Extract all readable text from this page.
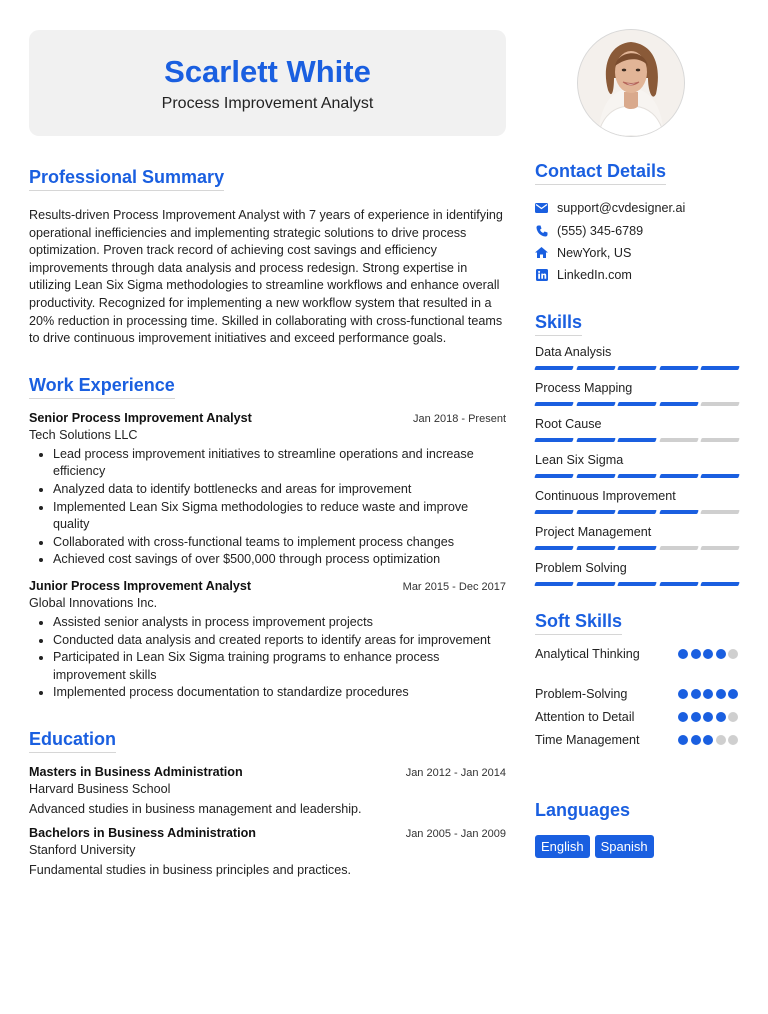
Scarlett White
Process Improvement Analyst
Professional Summary
Results-driven Process Improvement Analyst with 7 years of experience in identifying operational inefficiencies and implementing strategic solutions to drive process optimization. Proven track record of achieving cost savings and efficiency improvements through data analysis and process redesign. Strong expertise in utilizing Lean Six Sigma methodologies to streamline workflows and enhance overall productivity. Recognized for implementing a new workflow system that resulted in a 20% reduction in processing time. Skilled in collaborating with cross-functional teams to drive continuous improvement initiatives and exceed performance goals.
Work Experience
Senior Process Improvement Analyst	Jan 2018 - Present
Tech Solutions LLC
• Lead process improvement initiatives to streamline operations and increase efficiency
• Analyzed data to identify bottlenecks and areas for improvement
• Implemented Lean Six Sigma methodologies to reduce waste and improve quality
• Collaborated with cross-functional teams to implement process changes
• Achieved cost savings of over $500,000 through process optimization
Junior Process Improvement Analyst	Mar 2015 - Dec 2017
Global Innovations Inc.
• Assisted senior analysts in process improvement projects
• Conducted data analysis and created reports to identify areas for improvement
• Participated in Lean Six Sigma training programs to enhance process improvement skills
• Implemented process documentation to standardize procedures
Education
Masters in Business Administration	Jan 2012 - Jan 2014
Harvard Business School
Advanced studies in business management and leadership.
Bachelors in Business Administration	Jan 2005 - Jan 2009
Stanford University
Fundamental studies in business principles and practices.
Contact Details
support@cvdesigner.ai
(555) 345-6789
NewYork, US
LinkedIn.com
Skills
Data Analysis
Process Mapping
Root Cause
Lean Six Sigma
Continuous Improvement
Project Management
Problem Solving
Soft Skills
Analytical Thinking
Problem-Solving
Attention to Detail
Time Management
Languages
English	Spanish
